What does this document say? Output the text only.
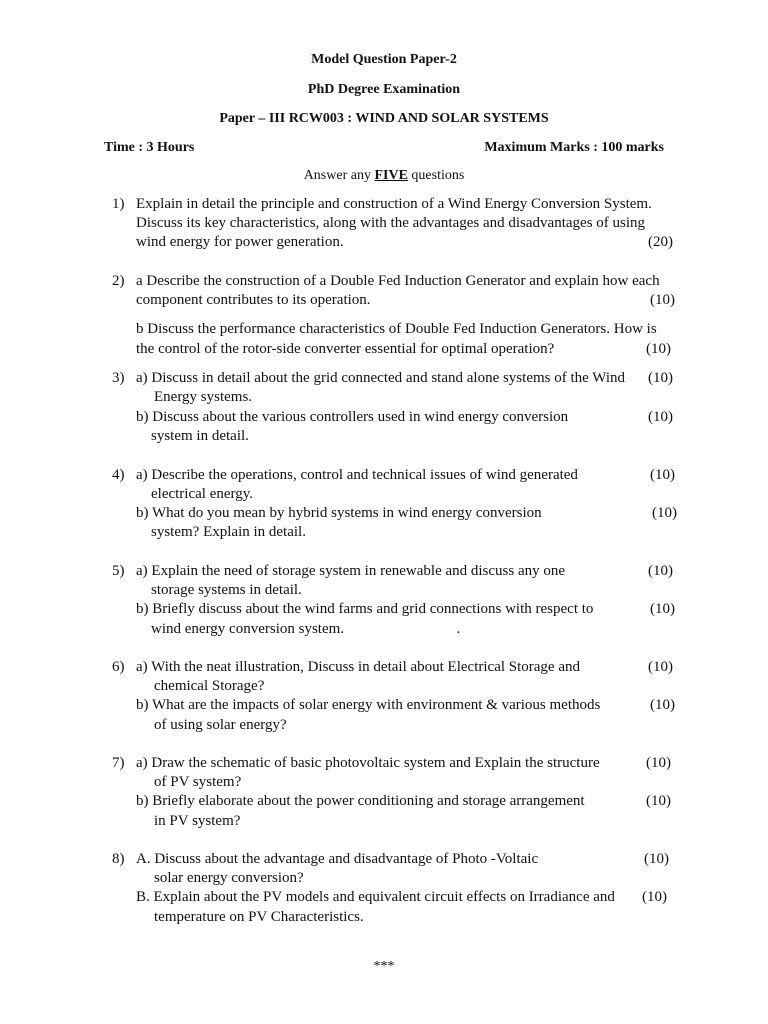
Model Question Paper-2
PhD Degree Examination
Paper – III RCW003 : WIND AND SOLAR SYSTEMS
Time : 3 Hours	Maximum Marks : 100 marks
Answer any FIVE questions
1) Explain in detail the principle and construction of a Wind Energy Conversion System.
Discuss its key characteristics, along with the advantages and disadvantages of using
wind energy for power generation.	(20)
2) a Describe the construction of a Double Fed Induction Generator and explain how each
component contributes to its operation.	(10)
b Discuss the performance characteristics of Double Fed Induction Generators. How is
the control of the rotor-side converter essential for optimal operation?	(10)
3) a) Discuss in detail about the grid connected and stand alone systems of the Wind (10)
Energy systems.
b) Discuss about the various controllers used in wind energy conversion	(10)
system in detail.
4) a) Describe the operations, control and technical issues of wind generated	(10)
electrical energy.
b) What do you mean by hybrid systems in wind energy conversion	(10)
system? Explain in detail.
5) a) Explain the need of storage system in renewable and discuss any one	(10)
storage systems in detail.
b) Briefly discuss about the wind farms and grid connections with respect to	(10)
wind energy conversion system.                              .
6) a) With the neat illustration, Discuss in detail about Electrical Storage and	(10)
chemical Storage?
b) What are the impacts of solar energy with environment & various methods	(10)
of using solar energy?
7) a) Draw the schematic of basic photovoltaic system and Explain the structure	(10)
of PV system?
b) Briefly elaborate about the power conditioning and storage arrangement	(10)
in PV system?
8) A. Discuss about the advantage and disadvantage of Photo -Voltaic	(10)
solar energy conversion?
B. Explain about the PV models and equivalent circuit effects on Irradiance and (10)
temperature on PV Characteristics.
***
